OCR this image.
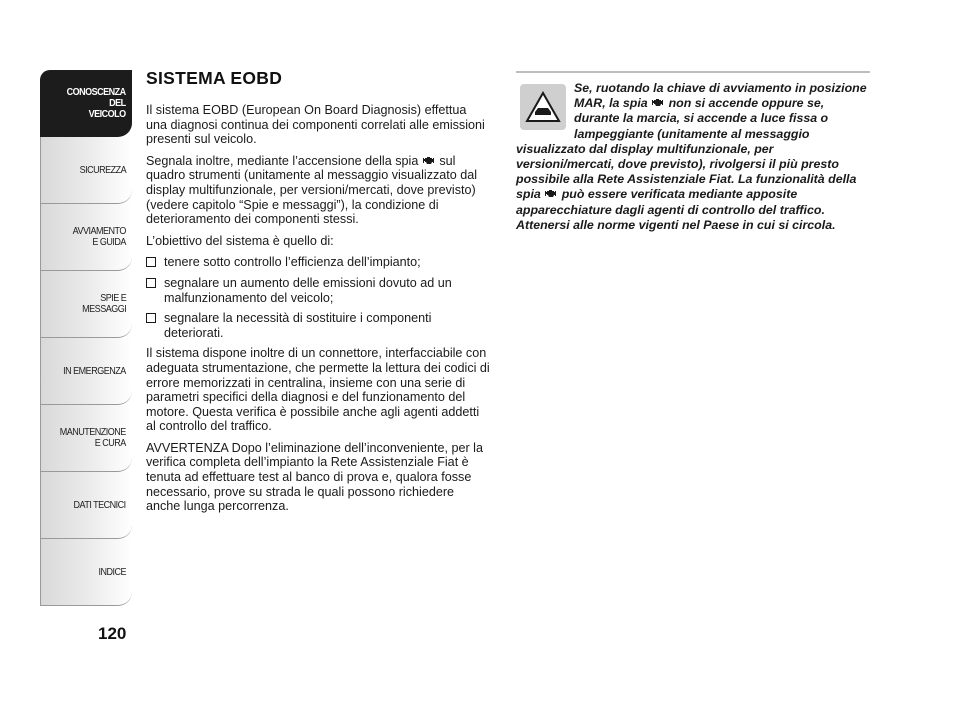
CONOSCENZA
DEL
VEICOLO
SICUREZZA
AVVIAMENTO
E GUIDA
SPIE E
MESSAGGI
IN EMERGENZA
MANUTENZIONE
E CURA
DATI TECNICI
INDICE
120
SISTEMA EOBD

Il sistema EOBD (European On Board Diagnosis) effettua una diagnosi continua dei componenti correlati alle emissioni presenti sul veicolo.

Segnala inoltre, mediante l’accensione della spia sul quadro strumenti (unitamente al messaggio visualizzato dal display multifunzionale, per versioni/mercati, dove previsto) (vedere capitolo “Spie e messaggi”), la condizione di deterioramento dei componenti stessi.

L’obiettivo del sistema è quello di:

tenere sotto controllo l’efficienza dell’impianto;
segnalare un aumento delle emissioni dovuto ad un malfunzionamento del veicolo;
segnalare la necessità di sostituire i componenti deteriorati.

Il sistema dispone inoltre di un connettore, interfacciabile con adeguata strumentazione, che permette la lettura dei codici di errore memorizzati in centralina, insieme con una serie di parametri specifici della diagnosi e del funzionamento del motore. Questa verifica è possibile anche agli agenti addetti al controllo del traffico.

AVVERTENZA Dopo l’eliminazione dell’inconveniente, per la verifica completa dell’impianto la Rete Assistenziale Fiat è tenuta ad effettuare test al banco di prova e, qualora fosse necessario, prove su strada le quali possono richiedere anche lunga percorrenza.

Se, ruotando la chiave di avviamento in posizione MAR, la spia non si accende oppure se, durante la marcia, si accende a luce fissa o lampeggiante (unitamente al messaggio visualizzato dal display multifunzionale, per versioni/mercati, dove previsto), rivolgersi il più presto possibile alla Rete Assistenziale Fiat. La funzionalità della spia può essere verificata mediante apposite apparecchiature dagli agenti di controllo del traffico. Attenersi alle norme vigenti nel Paese in cui si circola.
